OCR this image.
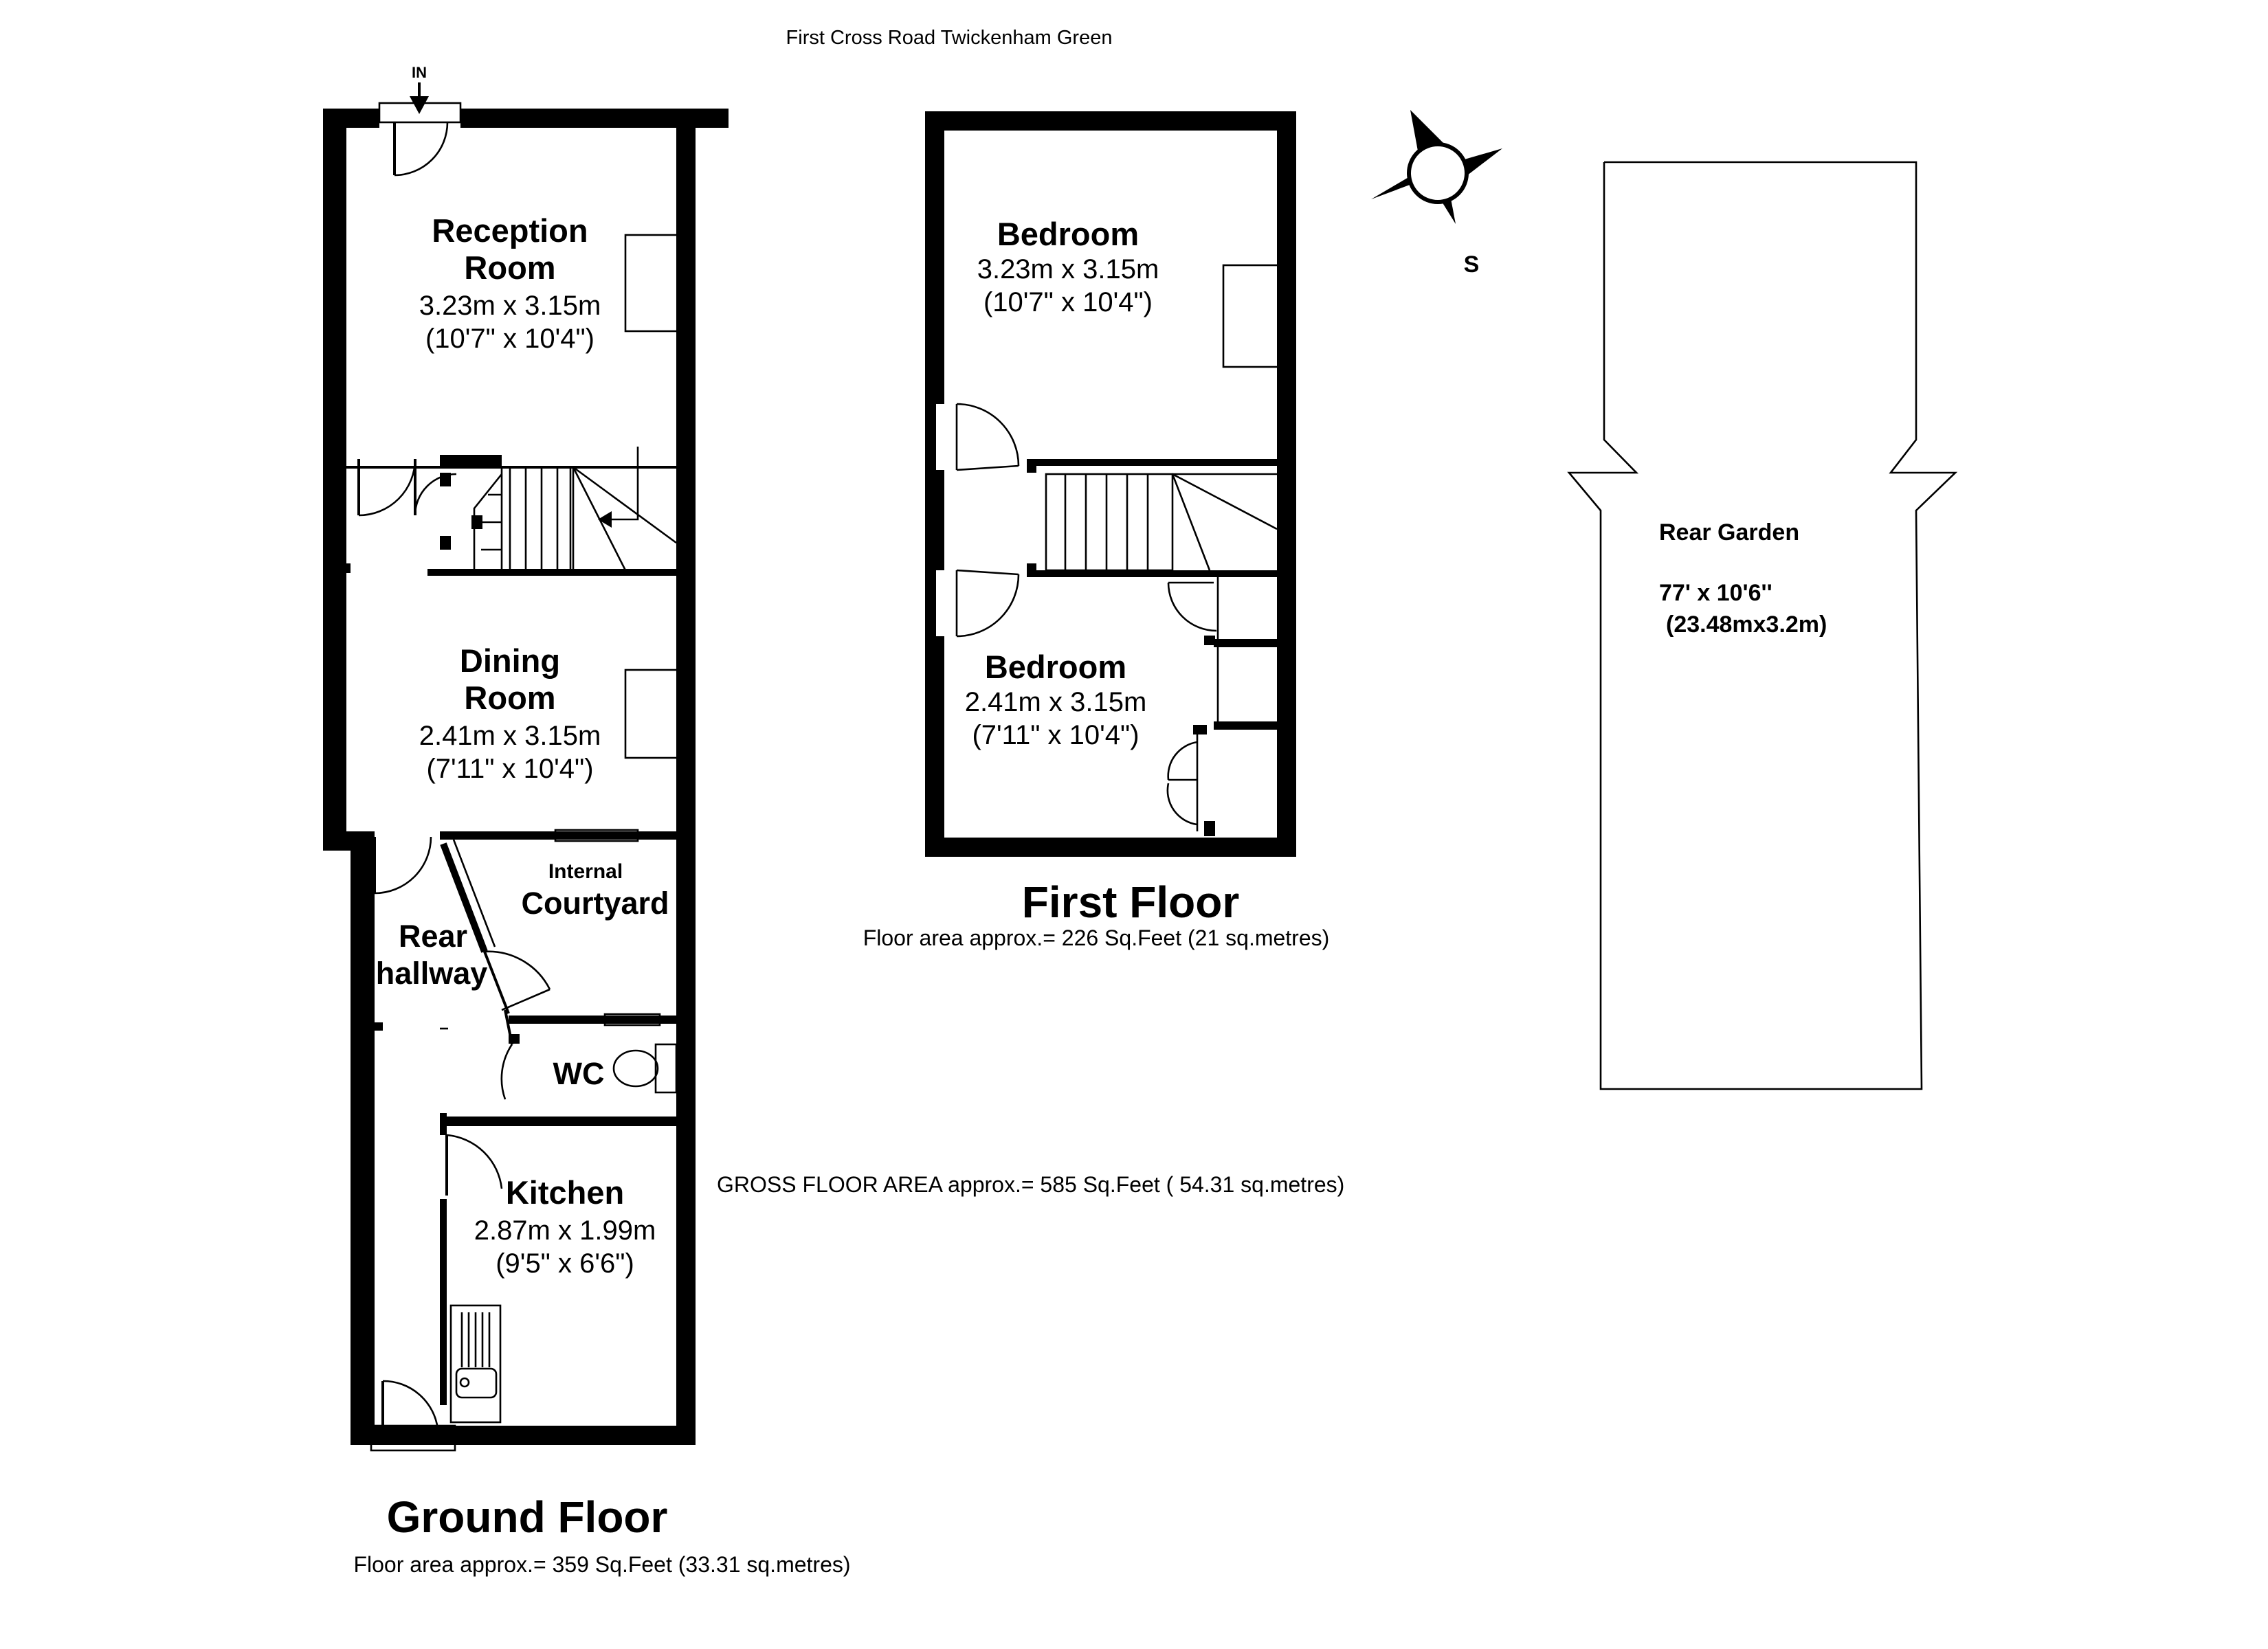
First Cross Road Twickenham Green
IN
Reception
Room
3.23m x 3.15m
(10'7" x 10'4")
Dining
Room
2.41m x 3.15m
(7'11" x 10'4")
Internal
Courtyard
Rear
hallway
WC
Kitchen
2.87m x 1.99m
(9'5" x 6'6")
Ground Floor
Floor area approx.= 359 Sq.Feet (33.31 sq.metres)
Bedroom
3.23m x 3.15m
(10'7" x 10'4")
Bedroom
2.41m x 3.15m
(7'11" x 10'4")
First Floor
Floor area approx.= 226 Sq.Feet (21 sq.metres)
S
Rear Garden
77' x 10'6''
(23.48mx3.2m)
GROSS FLOOR AREA approx.= 585 Sq.Feet ( 54.31 sq.metres)
